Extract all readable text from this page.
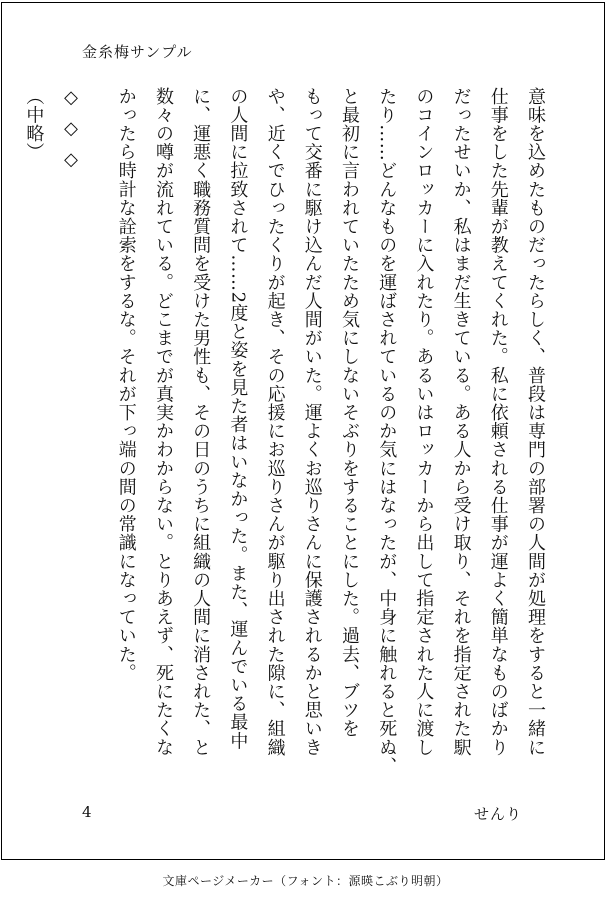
金糸梅サンプル
意味を込めたものだったらしく、普段は専門の部署の人間が処理をすると一緒に
仕事をした先輩が教えてくれた。私に依頼される仕事が運よく簡単なものばかり
だったせいか、私はまだ生きている。ある人から受け取り、それを指定された駅
のコインロッカーに入れたり。あるいはロッカーから出して指定された人に渡し
たり……どんなものを運ばされているのか気にはなったが、中身に触れると死ぬ、
と最初に言われていたため気にしないそぶりをすることにした。過去、ブツを
もって交番に駆け込んだ人間がいた。運よくお巡りさんに保護されるかと思いき
や、近くでひったくりが起き、その応援にお巡りさんが駆り出された隙に、組織
の人間に拉致されて……2度と姿を見た者はいなかった。また、運んでいる最中
に、運悪く職務質問を受けた男性も、その日のうちに組織の人間に消された、と
数々の噂が流れている。どこまでが真実かわからない。とりあえず、死にたくな
かったら時計な詮索をするな。それが下っ端の間の常識になっていた。
◇◇◇
（中略）
4	せんり
文庫ページメーカー（フォント：源暎こぶり明朝）
